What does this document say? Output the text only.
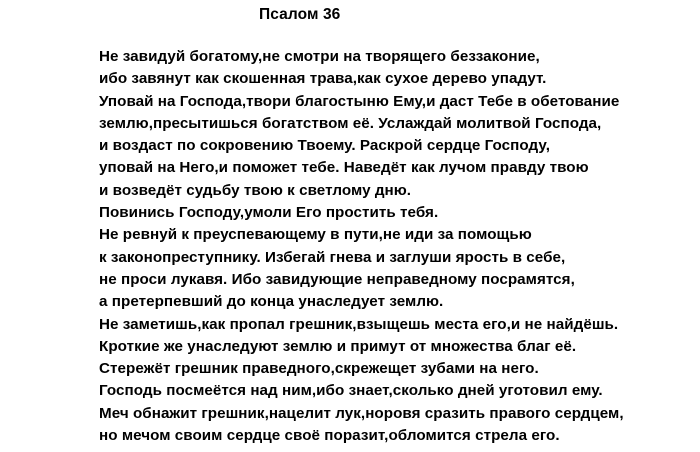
Псалом 36
Не завидуй богатому,не смотри на творящего беззаконие,
ибо завянут как скошенная трава,как сухое дерево упадут.
Уповай на Господа,твори благостыню Ему,и даст Тебе в обетование
землю,пресытишься богатством её. Услаждай молитвой Господа,
и воздаст по сокровению Твоему. Раскрой сердце Господу,
уповай на Него,и поможет тебе. Наведёт как лучом правду твою
и возведёт судьбу твою к светлому дню.
Повинись Господу,умоли Его простить тебя.
Не ревнуй к преуспевающему в пути,не иди за помощью
к законопреступнику. Избегай гнева и заглуши ярость в себе,
не проси лукавя. Ибо завидующие неправедному посрамятся,
а претерпевший до конца унаследует землю.
Не заметишь,как пропал грешник,взыщешь места его,и не найдёшь.
Кроткие же унаследуют землю и примут от множества благ её.
Стережёт грешник праведного,скрежещет зубами на него.
Господь посмеётся над ним,ибо знает,сколько дней уготовил ему.
Меч обнажит грешник,нацелит лук,норовя сразить правого сердцем,
но мечом своим сердце своё поразит,обломится стрела его.
